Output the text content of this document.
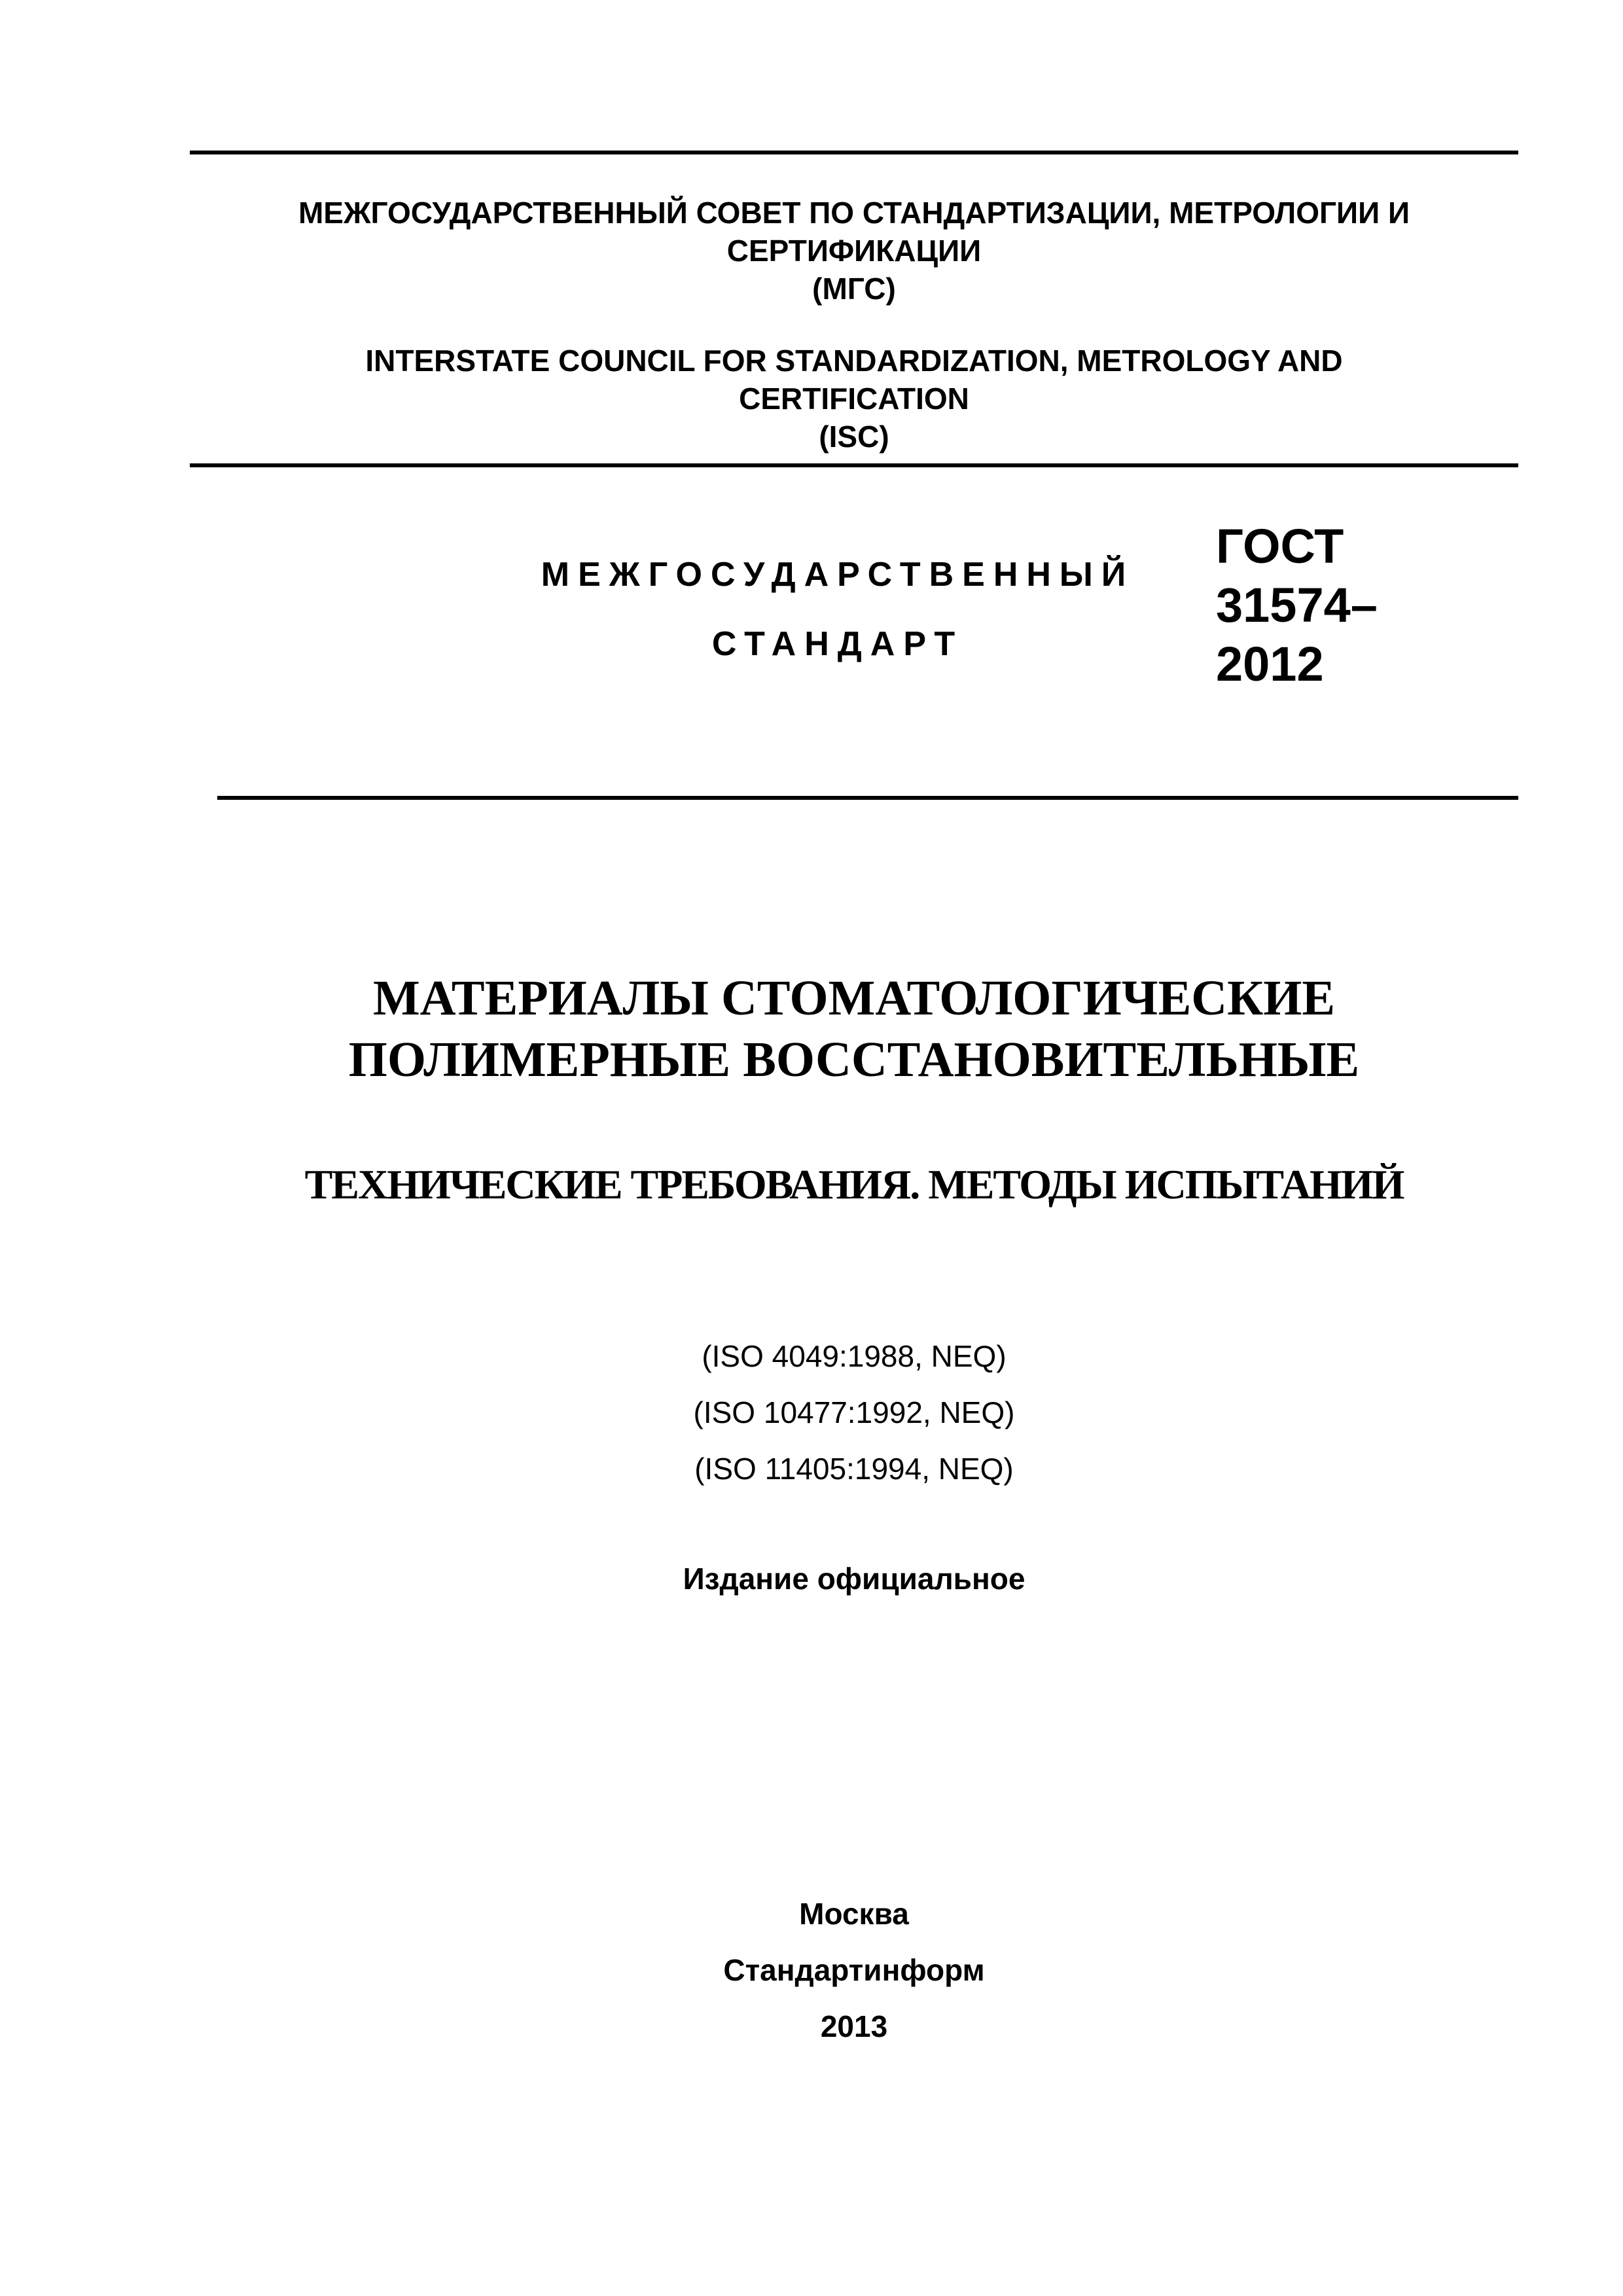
МЕЖГОСУДАРСТВЕННЫЙ СОВЕТ ПО СТАНДАРТИЗАЦИИ, МЕТРОЛОГИИ И
СЕРТИФИКАЦИИ
(МГС)
INTERSTATE COUNCIL FOR STANDARDIZATION, METROLOGY AND
CERTIFICATION
(ISC)
МЕЖГОСУДАРСТВЕННЫЙ
СТАНДАРТ
ГОСТ
31574–
2012
МАТЕРИАЛЫ СТОМАТОЛОГИЧЕСКИЕ
ПОЛИМЕРНЫЕ ВОССТАНОВИТЕЛЬНЫЕ
ТЕХНИЧЕСКИЕ ТРЕБОВАНИЯ. МЕТОДЫ ИСПЫТАНИЙ
(ISO 4049:1988, NEQ)
(ISO 10477:1992, NEQ)
(ISO 11405:1994, NEQ)
Издание официальное
Москва
Стандартинформ
2013
